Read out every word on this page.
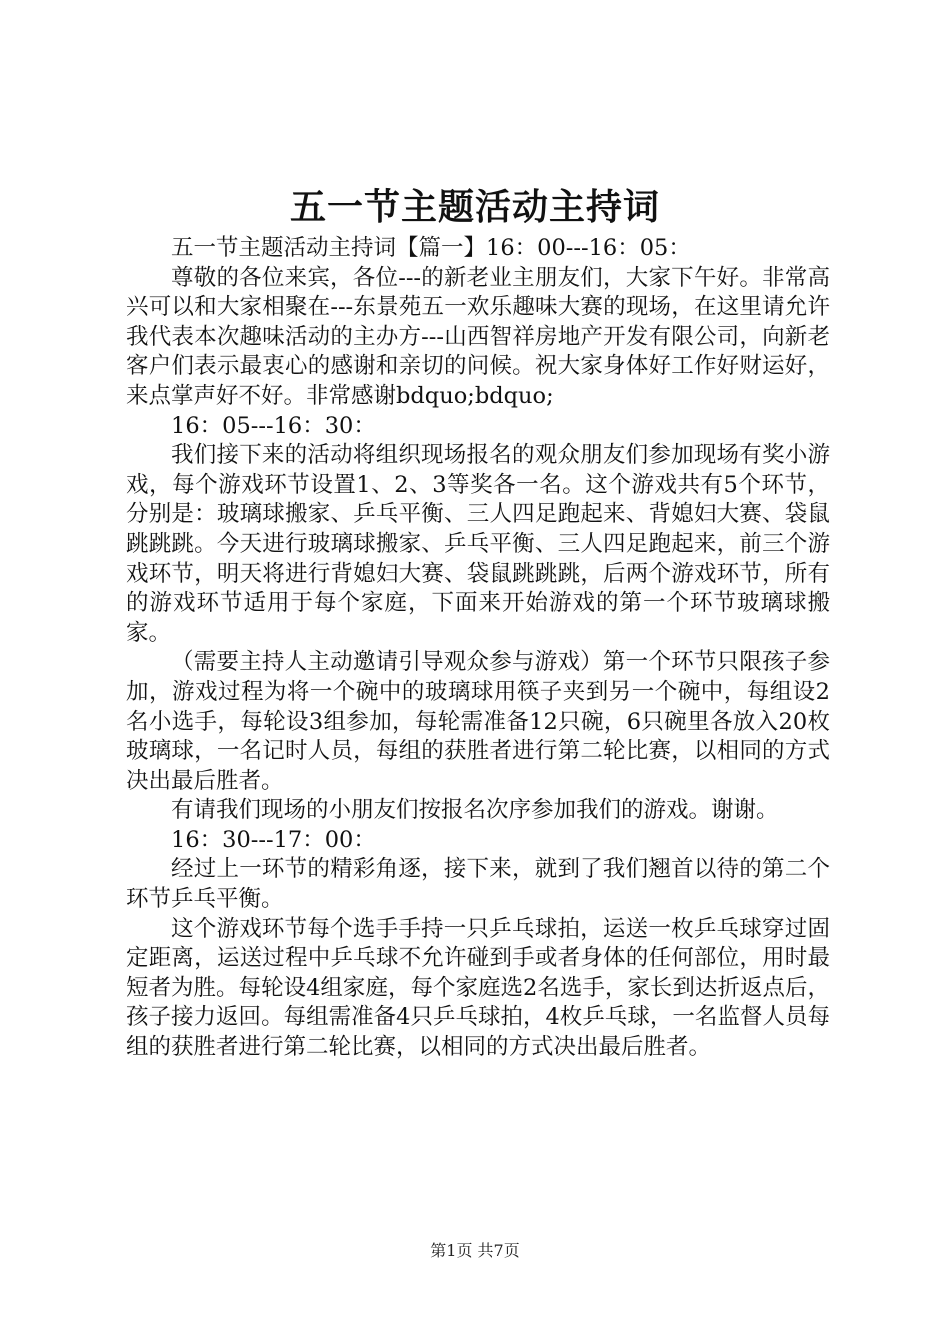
五一节主题活动主持词

五一节主题活动主持词【篇一】16：00---16：05：

尊敬的各位来宾，各位---的新老业主朋友们，大家下午好。非常高兴可以和大家相聚在---东景苑五一欢乐趣味大赛的现场，在这里请允许我代表本次趣味活动的主办方---山西智祥房地产开发有限公司，向新老客户们表示最衷心的感谢和亲切的问候。祝大家身体好工作好财运好，来点掌声好不好。非常感谢bdquo;bdquo;

16：05---16：30：

我们接下来的活动将组织现场报名的观众朋友们参加现场有奖小游戏，每个游戏环节设置1、2、3等奖各一名。这个游戏共有5个环节，分别是：玻璃球搬家、乒乓平衡、三人四足跑起来、背媳妇大赛、袋鼠跳跳跳。今天进行玻璃球搬家、乒乓平衡、三人四足跑起来，前三个游戏环节，明天将进行背媳妇大赛、袋鼠跳跳跳，后两个游戏环节，所有的游戏环节适用于每个家庭，下面来开始游戏的第一个环节玻璃球搬家。

（需要主持人主动邀请引导观众参与游戏）第一个环节只限孩子参加，游戏过程为将一个碗中的玻璃球用筷子夹到另一个碗中，每组设2名小选手，每轮设3组参加，每轮需准备12只碗，6只碗里各放入20枚玻璃球，一名记时人员，每组的获胜者进行第二轮比赛，以相同的方式决出最后胜者。

有请我们现场的小朋友们按报名次序参加我们的游戏。谢谢。

16：30---17：00：

经过上一环节的精彩角逐，接下来，就到了我们翘首以待的第二个环节乒乓平衡。

这个游戏环节每个选手手持一只乒乓球拍，运送一枚乒乓球穿过固定距离，运送过程中乒乓球不允许碰到手或者身体的任何部位，用时最短者为胜。每轮设4组家庭，每个家庭选2名选手，家长到达折返点后，孩子接力返回。每组需准备4只乒乓球拍，4枚乒乓球，一名监督人员每组的获胜者进行第二轮比赛，以相同的方式决出最后胜者。

第1页 共7页
